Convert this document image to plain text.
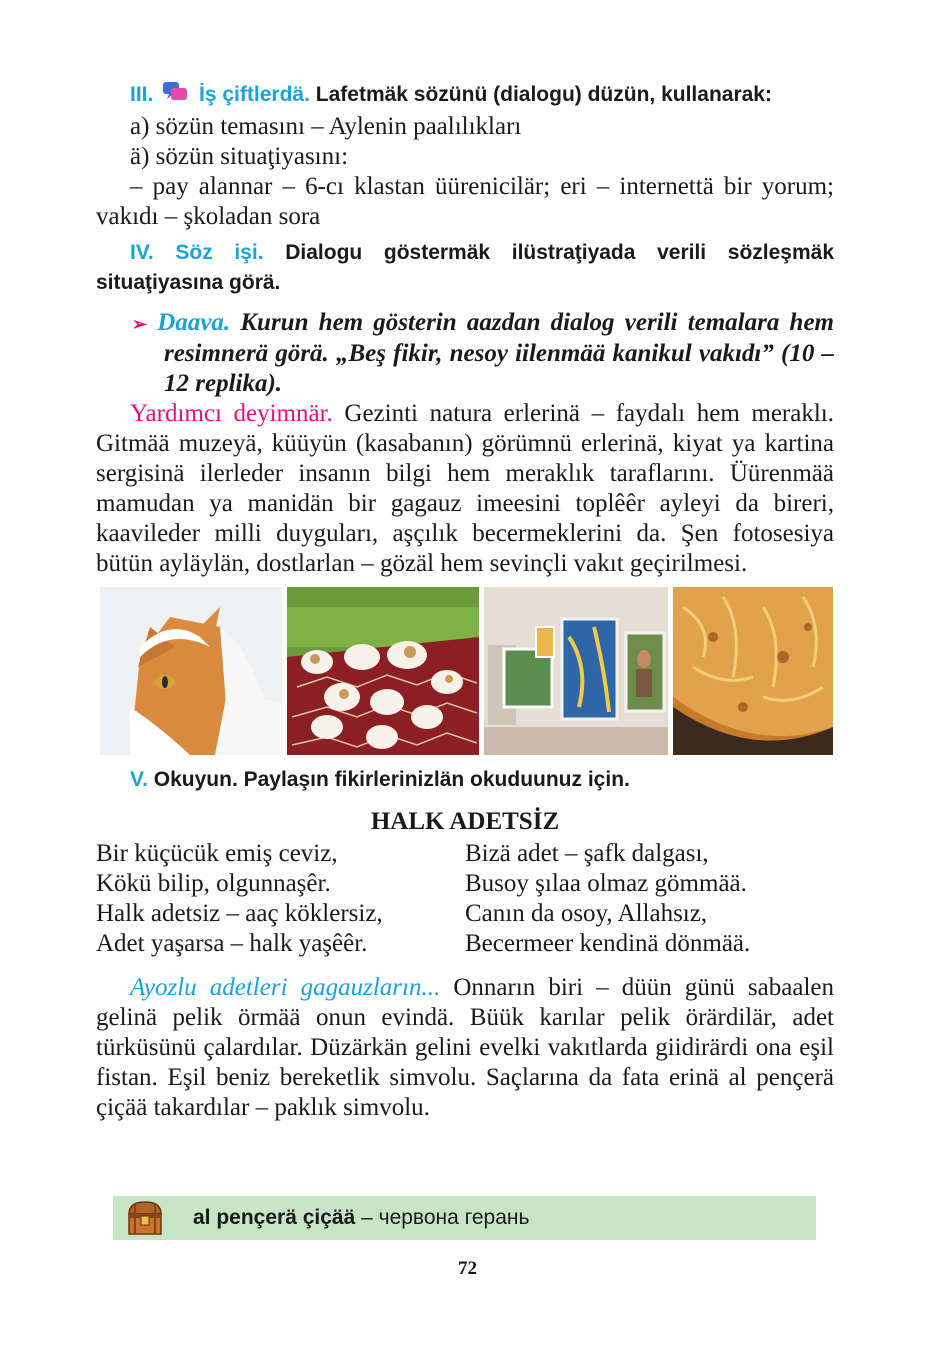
III. İş çiftlerdä. Lafetmäk sözünü (dialogu) düzün, kullanarak:
a) sözün temasını – Aylenin paalılıkları
ä) sözün situaţiyasını:
– pay alannar – 6-cı klastan üürenicilär; eri – internettä bir yorum; vakıdı – şkoladan sora
IV. Söz işi. Dialogu göstermäk ilüstraţiyada verili sözleşmäk situaţiyasına görä.
➢ Daava. Kurun hem gösterin aazdan dialog verili temalara hem resimnerä görä. „Beş fikir, nesoy iilenmää kanikul vakıdı” (10 – 12 replika).
Yardımcı deyimnär. Gezinti natura erlerinä – faydalı hem meraklı. Gitmää muzeyä, küüyün (kasabanın) görümnü erlerinä, kiyat ya kartina sergisinä ilerleder insanın bilgi hem meraklık taraflarını. Üürenmää mamudan ya manidän bir gagauz imeesini toplêêr ayleyi da bireri, kaavileder milli duyguları, aşçılık becermeklerini da. Şen fotosesiya bütün ayläylän, dostlarlan – gözäl hem sevinçli vakıt geçirilmesi.
V. Okuyun. Paylaşın fikirlerinizlän okuduunuz için.
HALK ADETSİZ
Bir küçücük emiş ceviz,
Kökü bilip, olgunnaşêr.
Halk adetsiz – aaç köklersiz,
Adet yaşarsa – halk yaşêêr.
Bizä adet – şafk dalgası,
Busoy şılaa olmaz gömmää.
Canın da osoy, Allahsız,
Becermeer kendinä dönmää.
Ayozlu adetleri gagauzların... Onnarın biri – düün günü sabaalen gelinä pelik örmää onun evindä. Büük karılar pelik örärdilär, adet türküsünü çalardılar. Düzärkän gelini evelki vakıtlarda giidirärdi ona eşil fistan. Eşil beniz bereketlik simvolu. Saçlarına da fata erinä al pençerä çiçää takardılar – paklık simvolu.
al pençerä çiçää – червона герань
72
